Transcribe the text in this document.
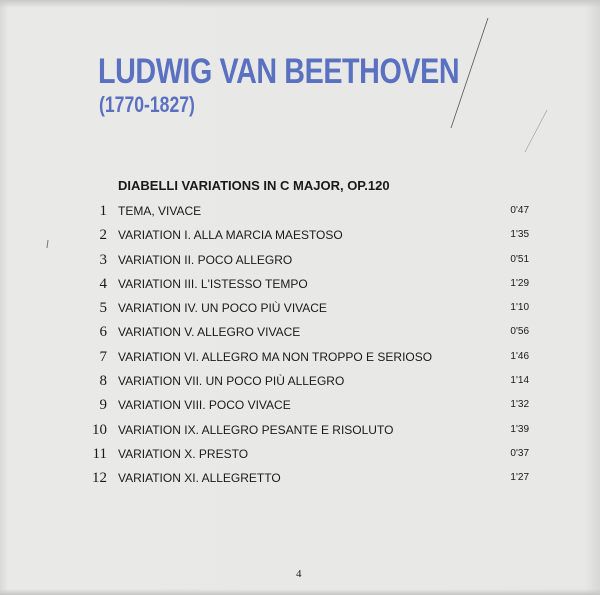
LUDWIG VAN BEETHOVEN
(1770-1827)
DIABELLI VARIATIONS IN C MAJOR, OP.120
1 TEMA, VIVACE	0'47
2 VARIATION I. ALLA MARCIA MAESTOSO	1'35
3 VARIATION II. POCO ALLEGRO	0'51
4 VARIATION III. L'ISTESSO TEMPO	1'29
5 VARIATION IV. UN POCO PIÙ VIVACE	1'10
6 VARIATION V. ALLEGRO VIVACE	0'56
7 VARIATION VI. ALLEGRO MA NON TROPPO E SERIOSO	1'46
8 VARIATION VII. UN POCO PIÙ ALLEGRO	1'14
9 VARIATION VIII. POCO VIVACE	1'32
10 VARIATION IX. ALLEGRO PESANTE E RISOLUTO	1'39
11 VARIATION X. PRESTO	0'37
12 VARIATION XI. ALLEGRETTO	1'27
4
